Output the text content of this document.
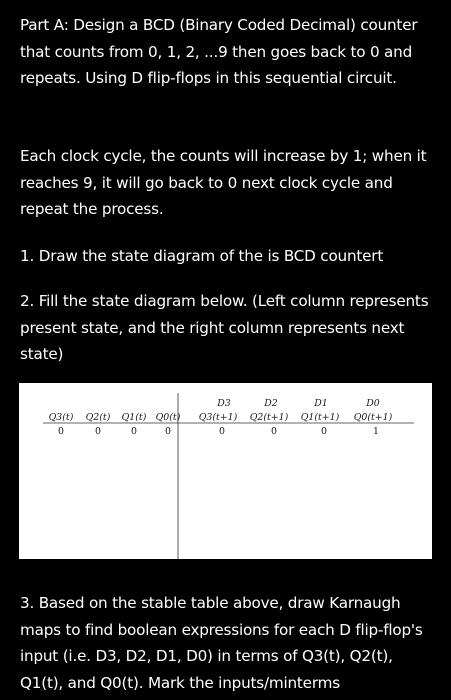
Part A: Design a BCD (Binary Coded Decimal) counter that counts from 0, 1, 2, ...9 then goes back to 0 and repeats. Using D flip-flops in this sequential circuit.

Each clock cycle, the counts will increase by 1; when it reaches 9, it will go back to 0 next clock cycle and repeat the process.

1. Draw the state diagram of the is BCD countert

2. Fill the state diagram below. (Left column represents present state, and the right column represents next state)

D3	D2	D1	D0
Q3(t) Q2(t) Q1(t) Q0(t) Q3(t+1) Q2(t+1) Q1(t+1) Q0(t+1)
0	0	0	0	0	0	0	1

3. Based on the stable table above, draw Karnaugh maps to find boolean expressions for each D flip-flop's input (i.e. D3, D2, D1, D0) in terms of Q3(t), Q2(t), Q1(t), and Q0(t). Mark the inputs/minterms
